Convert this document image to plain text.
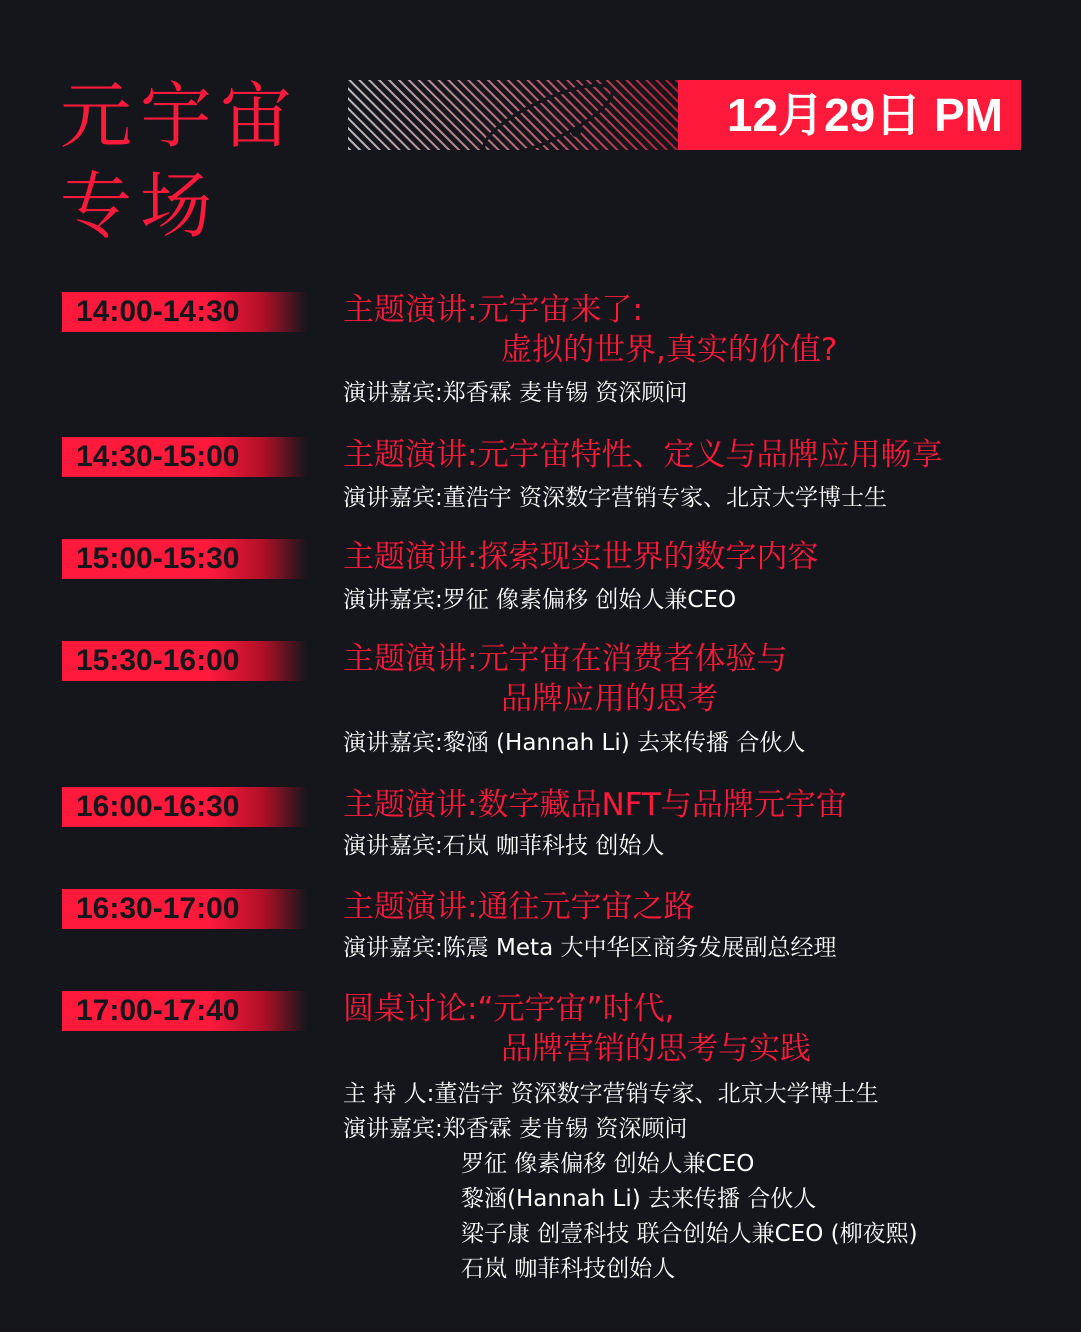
元宇宙
专场
12月29日 PM
14:00-14:30	主题演讲:元宇宙来了:
虚拟的世界,真实的价值?
演讲嘉宾:郑香霖 麦肯锡 资深顾问
14:30-15:00	主题演讲:元宇宙特性、定义与品牌应用畅享
演讲嘉宾:董浩宇 资深数字营销专家、北京大学博士生
15:00-15:30	主题演讲:探索现实世界的数字内容
演讲嘉宾:罗征 像素偏移 创始人兼CEO
15:30-16:00	主题演讲:元宇宙在消费者体验与
品牌应用的思考
演讲嘉宾:黎涵 (Hannah Li) 去来传播 合伙人
16:00-16:30	主题演讲:数字藏品NFT与品牌元宇宙
演讲嘉宾:石岚 咖菲科技 创始人
16:30-17:00	主题演讲:通往元宇宙之路
演讲嘉宾:陈震 Meta 大中华区商务发展副总经理
17:00-17:40	圆桌讨论:“元宇宙”时代,
品牌营销的思考与实践
主 持 人:董浩宇 资深数字营销专家、北京大学博士生
演讲嘉宾:郑香霖 麦肯锡 资深顾问
罗征 像素偏移 创始人兼CEO
黎涵(Hannah Li) 去来传播 合伙人
梁子康 创壹科技 联合创始人兼CEO (柳夜熙)
石岚 咖菲科技创始人
